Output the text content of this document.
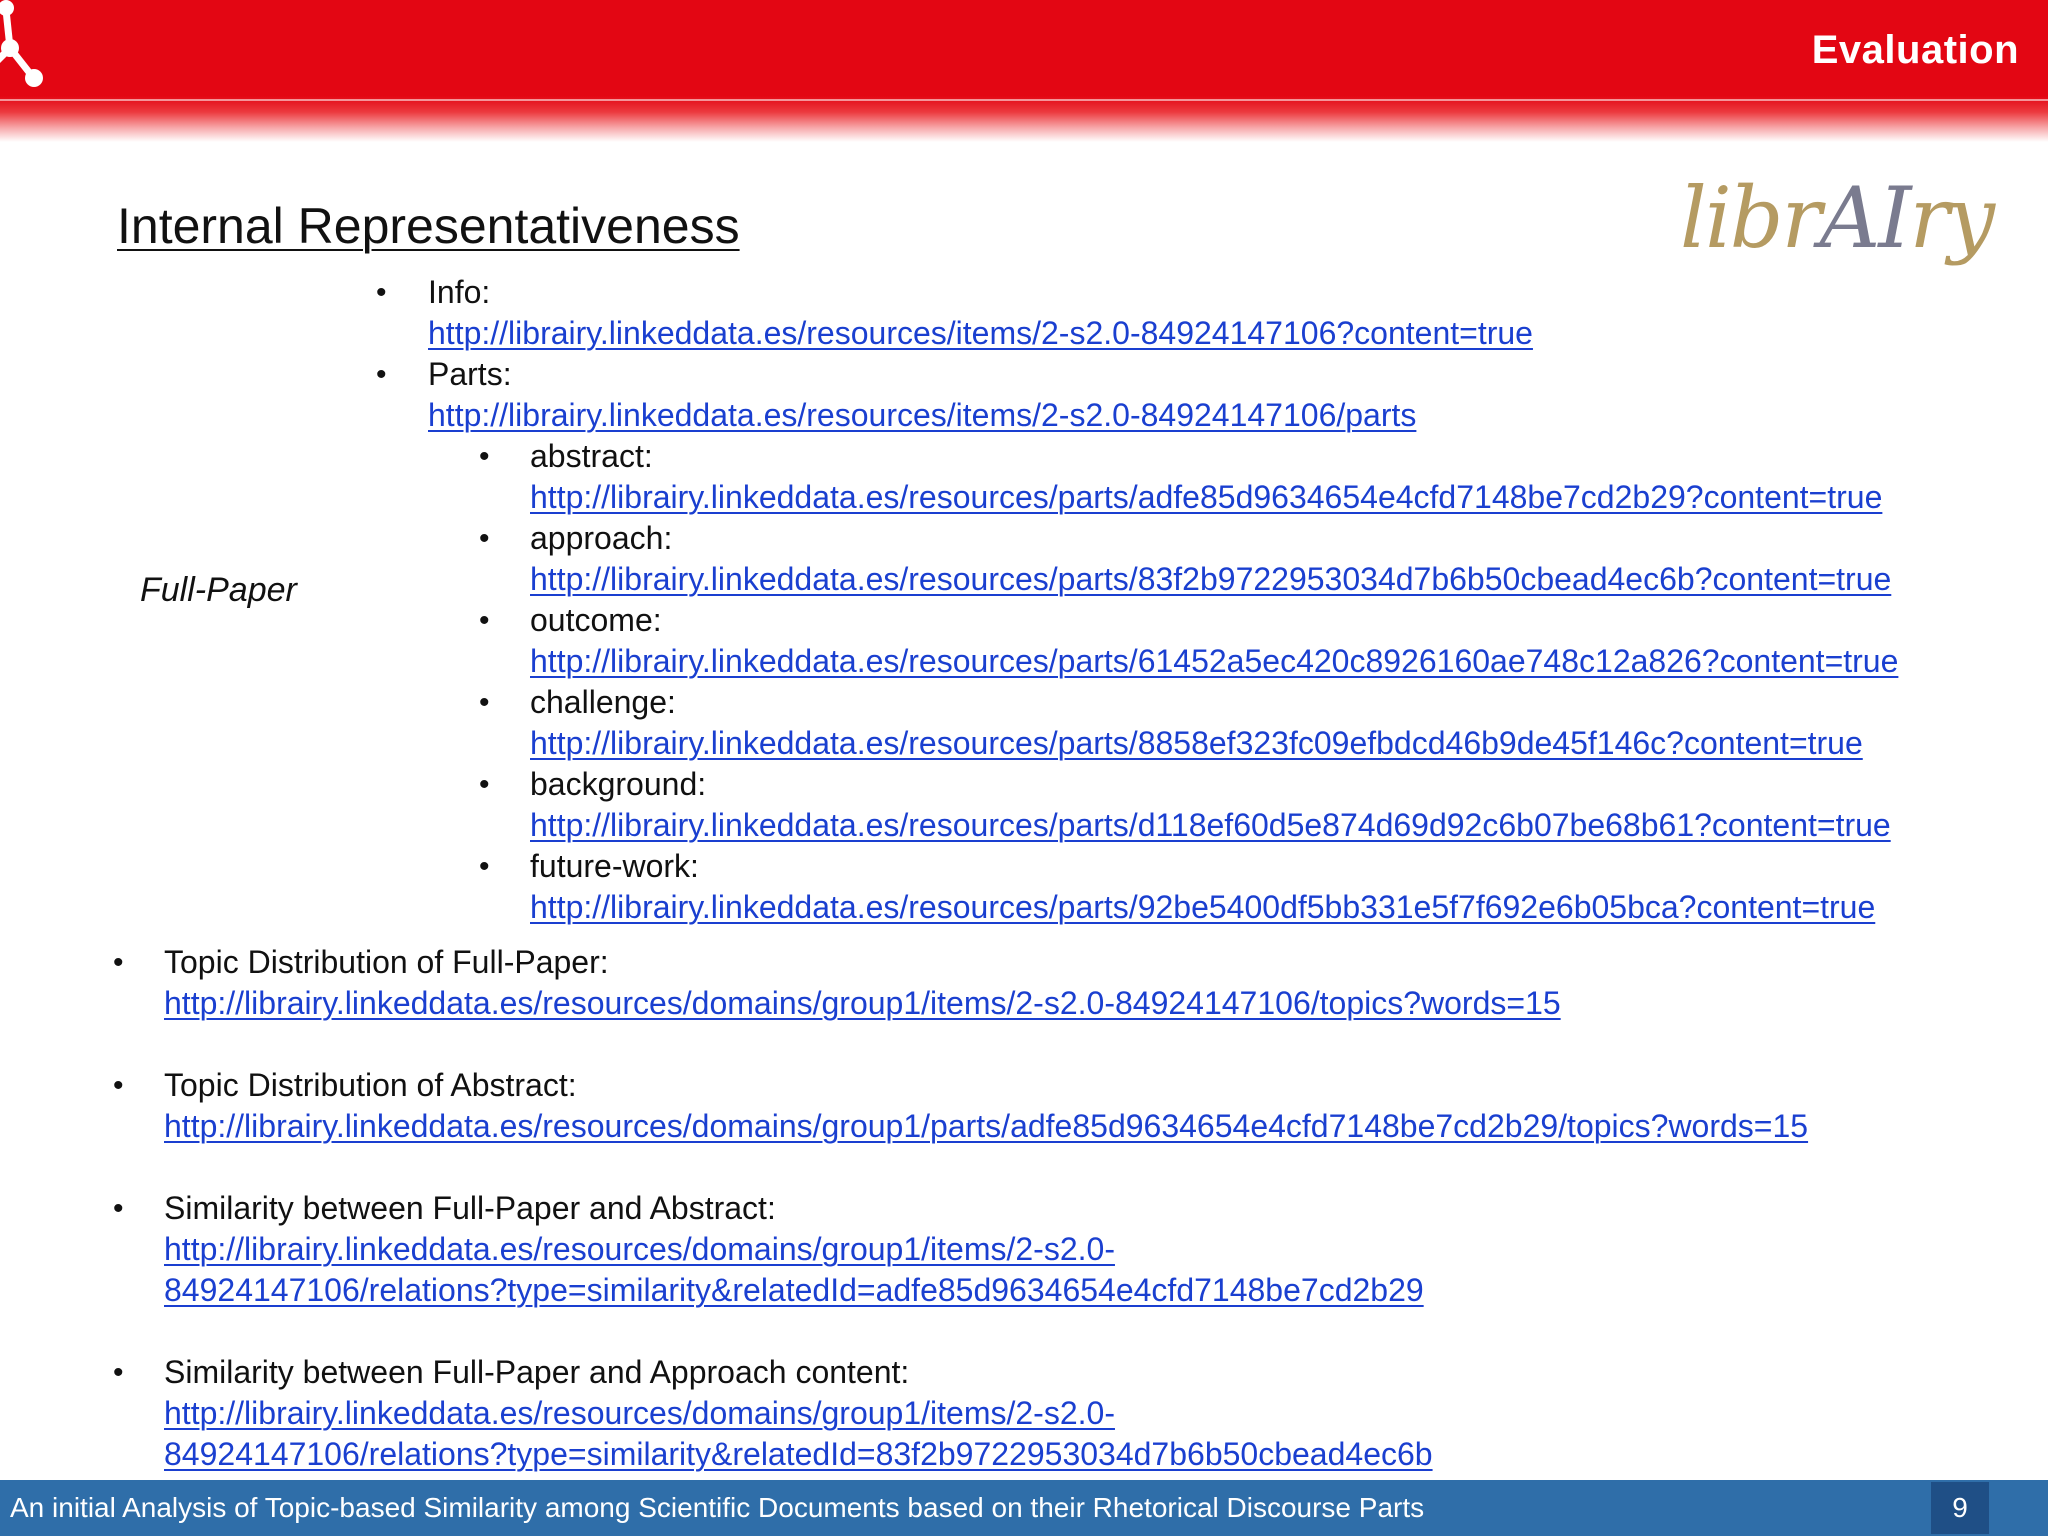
Evaluation
librAIry
Internal Representativeness
Full-Paper
• Info:
http://librairy.linkeddata.es/resources/items/2-s2.0-84924147106?content=true
• Parts:
http://librairy.linkeddata.es/resources/items/2-s2.0-84924147106/parts
• abstract:
http://librairy.linkeddata.es/resources/parts/adfe85d9634654e4cfd7148be7cd2b29?content=true
• approach:
http://librairy.linkeddata.es/resources/parts/83f2b9722953034d7b6b50cbead4ec6b?content=true
• outcome:
http://librairy.linkeddata.es/resources/parts/61452a5ec420c8926160ae748c12a826?content=true
• challenge:
http://librairy.linkeddata.es/resources/parts/8858ef323fc09efbdcd46b9de45f146c?content=true
• background:
http://librairy.linkeddata.es/resources/parts/d118ef60d5e874d69d92c6b07be68b61?content=true
• future-work:
http://librairy.linkeddata.es/resources/parts/92be5400df5bb331e5f7f692e6b05bca?content=true
• Topic Distribution of Full-Paper:
http://librairy.linkeddata.es/resources/domains/group1/items/2-s2.0-84924147106/topics?words=15
• Topic Distribution of Abstract:
http://librairy.linkeddata.es/resources/domains/group1/parts/adfe85d9634654e4cfd7148be7cd2b29/topics?words=15
• Similarity between Full-Paper and Abstract:
http://librairy.linkeddata.es/resources/domains/group1/items/2-s2.0-
84924147106/relations?type=similarity&relatedId=adfe85d9634654e4cfd7148be7cd2b29
• Similarity between Full-Paper and Approach content:
http://librairy.linkeddata.es/resources/domains/group1/items/2-s2.0-
84924147106/relations?type=similarity&relatedId=83f2b9722953034d7b6b50cbead4ec6b
An initial Analysis of Topic-based Similarity among Scientific Documents based on their Rhetorical Discourse Parts	9
